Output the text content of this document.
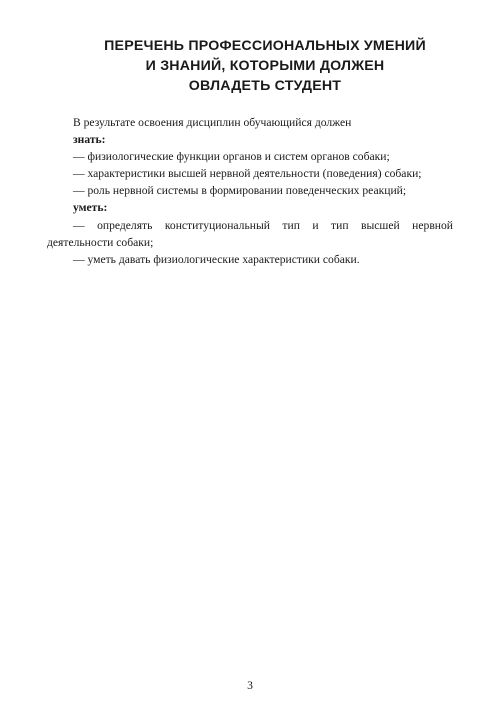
ПЕРЕЧЕНЬ ПРОФЕССИОНАЛЬНЫХ УМЕНИЙ
И ЗНАНИЙ, КОТОРЫМИ ДОЛЖЕН
ОВЛАДЕТЬ СТУДЕНТ

В результате освоения дисциплин обучающийся должен

знать:

— физиологические функции органов и систем органов собаки;

— характеристики высшей нервной деятельности (поведения) собаки;

— роль нервной системы в формировании поведенческих реакций;

уметь:

— определять конституциональный тип и тип высшей нервной деятельности собаки;

— уметь давать физиологические характеристики собаки.

3
